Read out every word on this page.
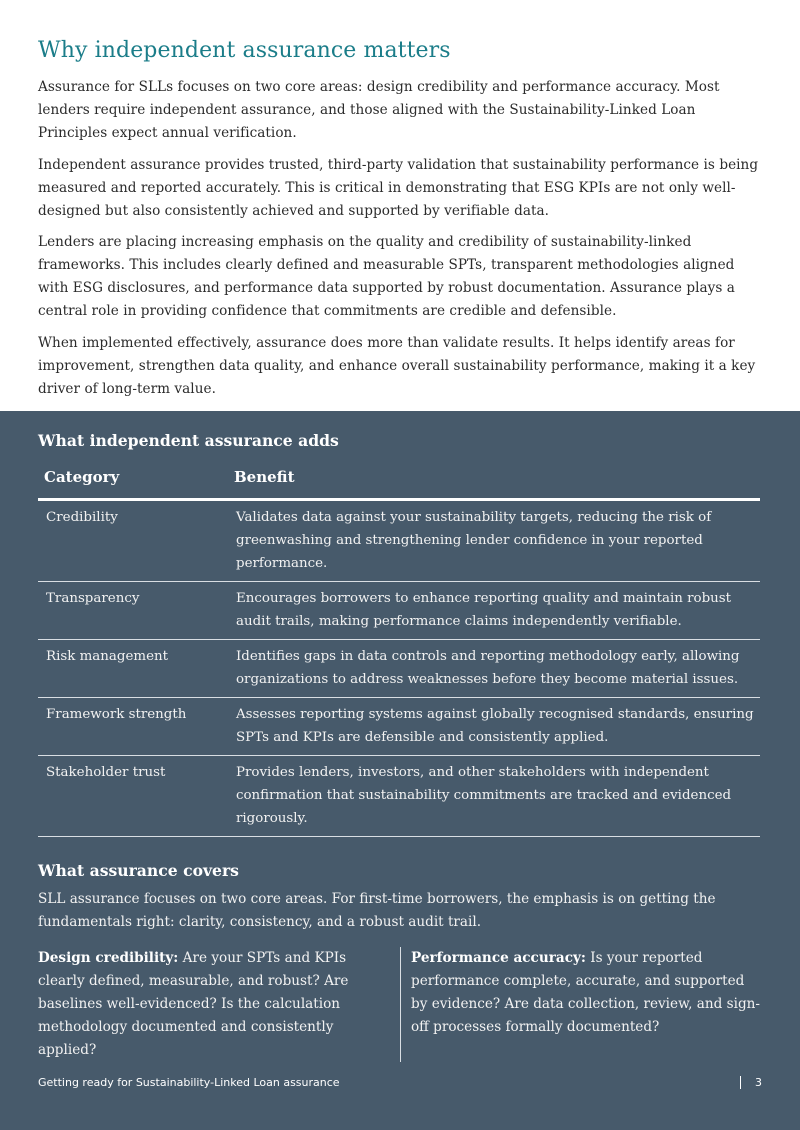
Why independent assurance matters

Assurance for SLLs focuses on two core areas: design credibility and performance accuracy. Most lenders require independent assurance, and those aligned with the Sustainability-Linked Loan Principles expect annual verification.

Independent assurance provides trusted, third-party validation that sustainability performance is being measured and reported accurately. This is critical in demonstrating that ESG KPIs are not only well-designed but also consistently achieved and supported by verifiable data.

Lenders are placing increasing emphasis on the quality and credibility of sustainability-linked frameworks. This includes clearly defined and measurable SPTs, transparent methodologies aligned with ESG disclosures, and performance data supported by robust documentation. Assurance plays a central role in providing confidence that commitments are credible and defensible.

When implemented effectively, assurance does more than validate results. It helps identify areas for improvement, strengthen data quality, and enhance overall sustainability performance, making it a key driver of long-term value.

What independent assurance adds
Category	Benefit
Credibility	Validates data against your sustainability targets, reducing the risk of greenwashing and strengthening lender confidence in your reported performance.
Transparency	Encourages borrowers to enhance reporting quality and maintain robust audit trails, making performance claims independently verifiable.
Risk management	Identifies gaps in data controls and reporting methodology early, allowing organizations to address weaknesses before they become material issues.
Framework strength	Assesses reporting systems against globally recognised standards, ensuring SPTs and KPIs are defensible and consistently applied.
Stakeholder trust	Provides lenders, investors, and other stakeholders with independent confirmation that sustainability commitments are tracked and evidenced rigorously.
What assurance covers

SLL assurance focuses on two core areas. For first-time borrowers, the emphasis is on getting the fundamentals right: clarity, consistency, and a robust audit trail.

Design credibility: Are your SPTs and KPIs clearly defined, measurable, and robust? Are baselines well-evidenced? Is the calculation methodology documented and consistently applied?
Performance accuracy: Is your reported performance complete, accurate, and supported by evidence? Are data collection, review, and sign-off processes formally documented?
Getting ready for Sustainability-Linked Loan assurance	3
